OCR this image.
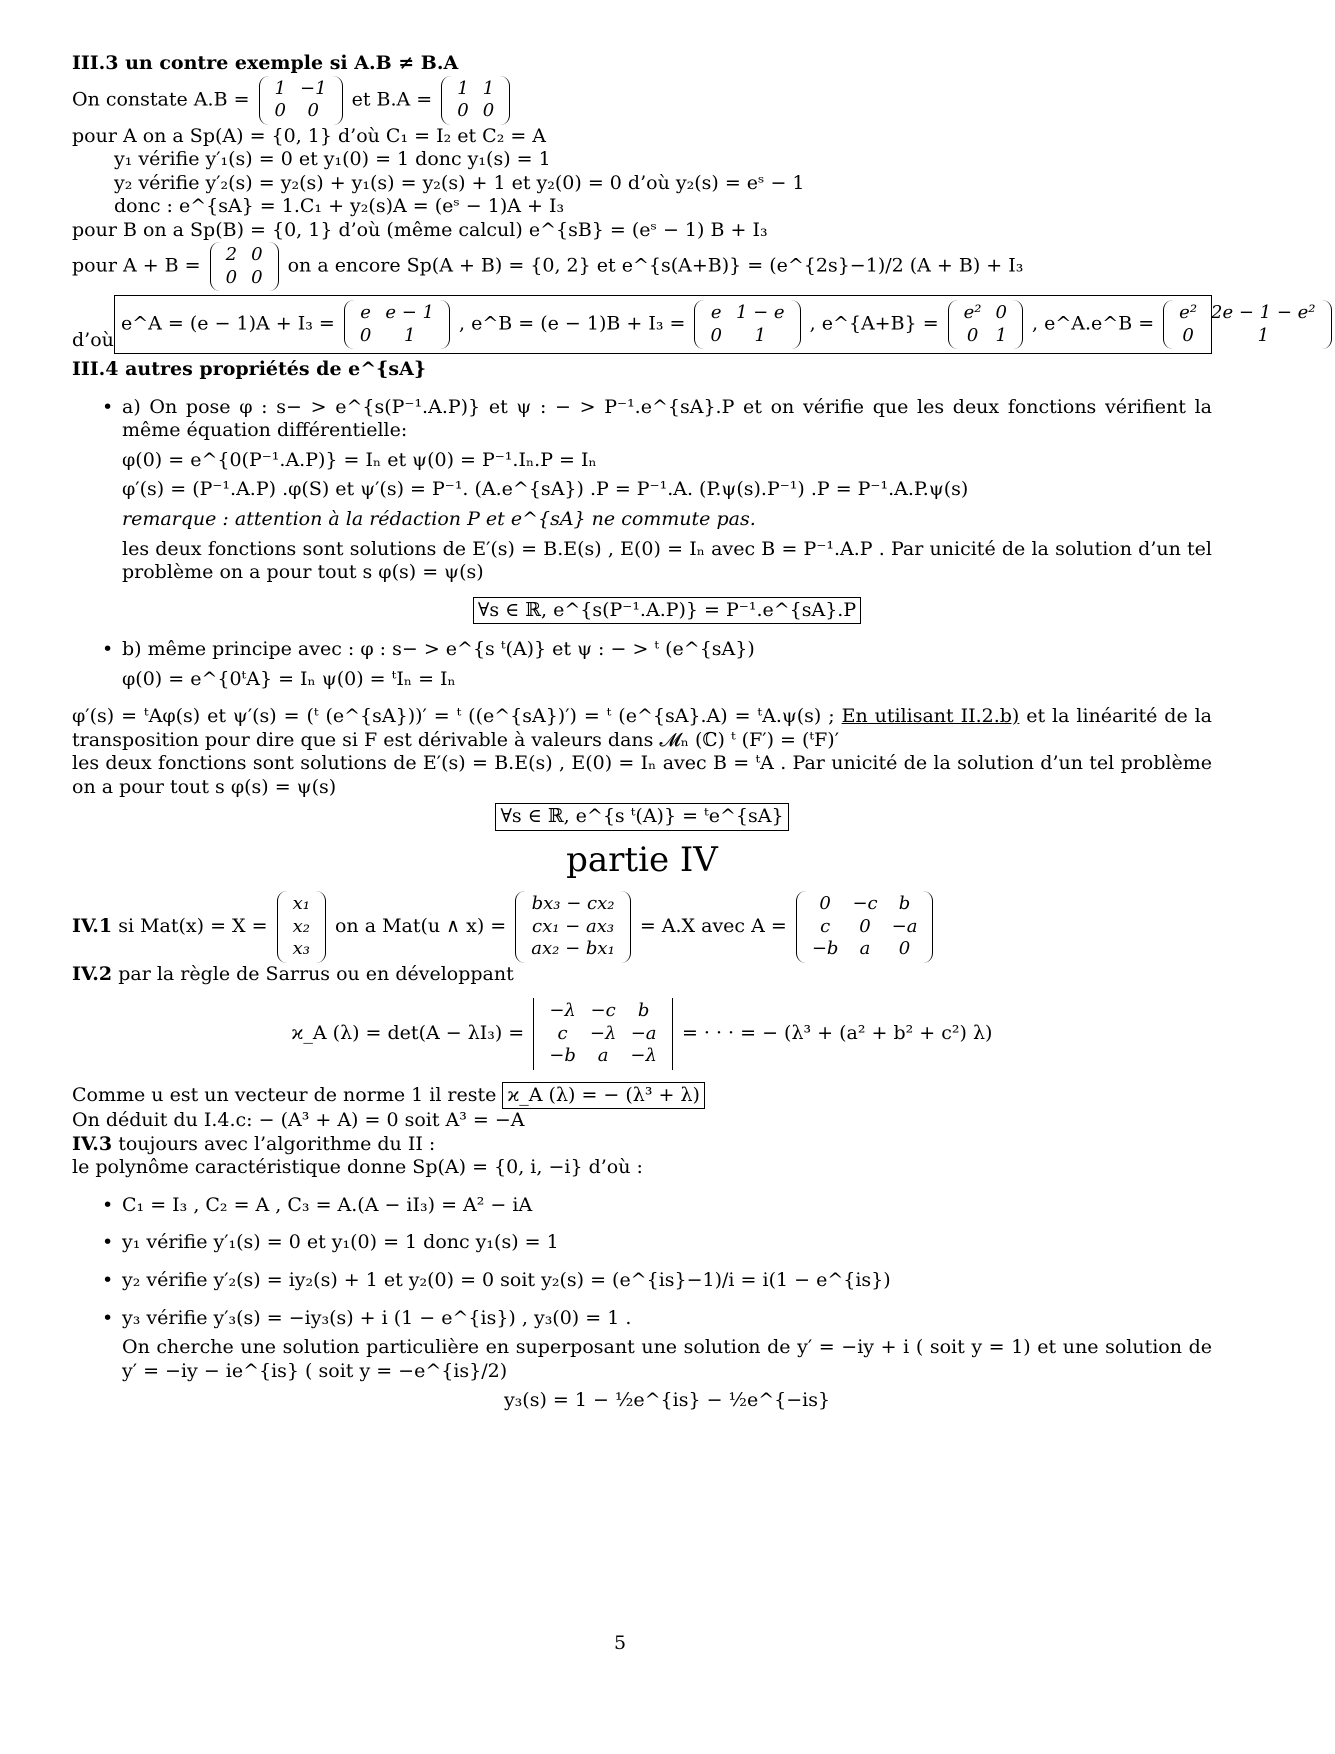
III.3 un contre exemple si A.B ≠ B.A
On constate A.B = 1	−1
0	0
et B.A = 1	1
0	0
pour A on a Sp(A) = {0, 1} d’où C₁ = I₂ et C₂ = A
y₁ vérifie y′₁(s) = 0 et y₁(0) = 1 donc y₁(s) = 1
y₂ vérifie y′₂(s) = y₂(s) + y₁(s) = y₂(s) + 1 et y₂(0) = 0 d’où y₂(s) = eˢ − 1
donc : e^{sA} = 1.C₁ + y₂(s)A = (eˢ − 1)A + I₃
pour B on a Sp(B) = {0, 1} d’où (même calcul) e^{sB} = (eˢ − 1) B + I₃
pour A + B = 2	0
0	0
on a encore Sp(A + B) = {0, 2} et e^{s(A+B)} = (e^{2s}−1)/2 (A + B) + I₃
d’où
e^A = (e − 1)A + I₃ = e	e − 1
0	1
, e^B = (e − 1)B + I₃ = e	1 − e
0	1
, e^{A+B} = e²	0
0	1
, e^A.e^B = e²	2e − 1 − e²
0	1
III.4 autres propriétés de e^{sA}
• a) On pose φ : s− > e^{s(P⁻¹.A.P)} et ψ : − > P⁻¹.e^{sA}.P et on vérifie que les deux fonctions vérifient la même équation différentielle:
φ(0) = e^{0(P⁻¹.A.P)} = Iₙ et ψ(0) = P⁻¹.Iₙ.P = Iₙ
φ′(s) = (P⁻¹.A.P) .φ(S) et ψ′(s) = P⁻¹. (A.e^{sA}) .P = P⁻¹.A. (P.ψ(s).P⁻¹) .P = P⁻¹.A.P.ψ(s)
remarque : attention à la rédaction P et e^{sA} ne commute pas.
les deux fonctions sont solutions de E′(s) = B.E(s) , E(0) = Iₙ avec B = P⁻¹.A.P . Par unicité de la solution d’un tel problème on a pour tout s φ(s) = ψ(s)
∀s ∈ ℝ, e^{s(P⁻¹.A.P)} = P⁻¹.e^{sA}.P
• b) même principe avec : φ : s− > e^{s ᵗ(A)} et ψ : − > ᵗ (e^{sA})
φ(0) = e^{0ᵗA} = Iₙ ψ(0) = ᵗIₙ = Iₙ
φ′(s) = ᵗAφ(s) et ψ′(s) = (ᵗ (e^{sA}))′ = ᵗ ((e^{sA})′) = ᵗ (e^{sA}.A) = ᵗA.ψ(s) ; En utilisant II.2.b) et la linéarité de la transposition pour dire que si F est dérivable à valeurs dans 𝓜ₙ (ℂ) ᵗ (F′) = (ᵗF)′
les deux fonctions sont solutions de E′(s) = B.E(s) , E(0) = Iₙ avec B = ᵗA . Par unicité de la solution d’un tel problème on a pour tout s φ(s) = ψ(s)
∀s ∈ ℝ, e^{s ᵗ(A)} = ᵗe^{sA}
partie IV
IV.1 si Mat(x) = X =
x₁
x₂
x₃
on a Mat(u ∧ x) =
bx₃ − cx₂
cx₁ − ax₃
ax₂ − bx₁
= A.X avec A =
0	−c	b
c	0	−a
−b	a	0
IV.2 par la règle de Sarrus ou en développant
ϰ_A (λ) = det(A − λI₃) =
−λ	−c	b
c	−λ	−a
−b	a	−λ
= · · · = − (λ³ + (a² + b² + c²) λ)
Comme u est un vecteur de norme 1 il reste ϰ_A (λ) = − (λ³ + λ)
On déduit du I.4.c: − (A³ + A) = 0 soit A³ = −A
IV.3 toujours avec l’algorithme du II :
le polynôme caractéristique donne Sp(A) = {0, i, −i} d’où :
• C₁ = I₃ , C₂ = A , C₃ = A.(A − iI₃) = A² − iA
• y₁ vérifie y′₁(s) = 0 et y₁(0) = 1 donc y₁(s) = 1
• y₂ vérifie y′₂(s) = iy₂(s) + 1 et y₂(0) = 0 soit y₂(s) = (e^{is}−1)/i = i(1 − e^{is})
• y₃ vérifie y′₃(s) = −iy₃(s) + i (1 − e^{is}) , y₃(0) = 1 .
On cherche une solution particulière en superposant une solution de y′ = −iy + i ( soit y = 1) et une solution de y′ = −iy − ie^{is} ( soit y = −e^{is}/2)
y₃(s) = 1 − ½e^{is} − ½e^{−is}
5
